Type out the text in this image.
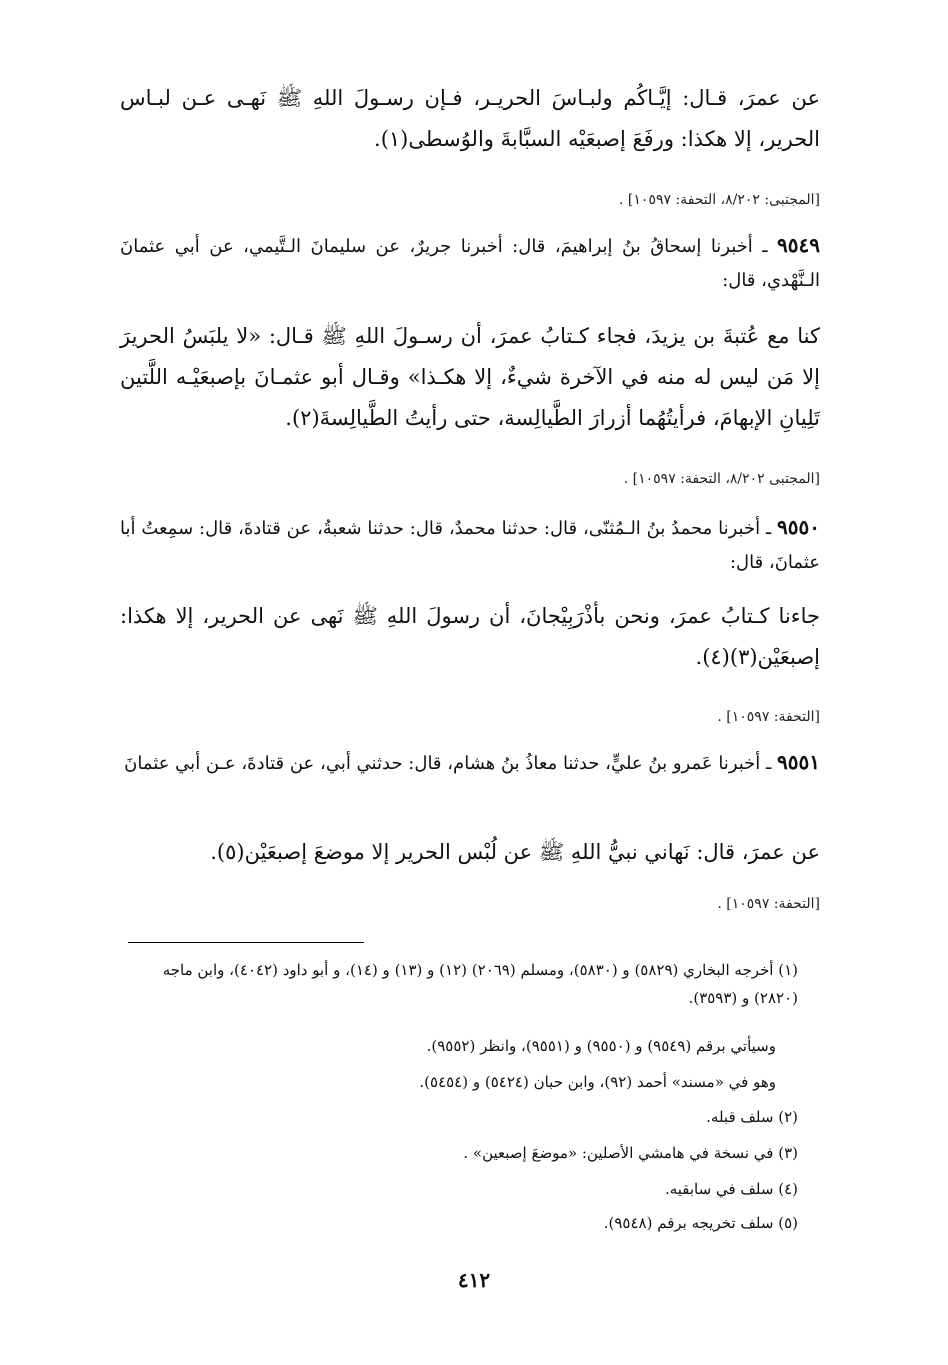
عن عمرَ، قـال: إيَّـاكُم ولبـاسَ الحريـر، فـإن رسـولَ اللهِ ﷺ نَهـى عـن لبـاس الحرير، إلا هكذا: ورفَعَ إصبعَيْه السبَّابةَ والوُسطى(١).
[المجتبى: ٨/٢٠٢، التحفة: ١٠٥٩٧] .
٩٥٤٩ ـ أخبرنا إسحاقُ بنُ إبراهيمَ، قال: أخبرنا جريرٌ، عن سليمانَ الـتَّيمي، عن أبي عثمانَ الـنَّهْدي، قال:
كنا مع عُتبةَ بن يزيدَ، فجاء كـتابُ عمرَ، أن رسـولَ اللهِ ﷺ قـال: «لا يلبَسُ الحريرَ إلا مَن ليس له منه في الآخرة شيءٌ، إلا هكـذا» وقـال أبو عثمـانَ بإصبعَيْـه اللَّتين تَلِيانِ الإبهامَ، فرأيتُهُما أزرارَ الطَّيالِسة، حتى رأيتُ الطَّيالِسةَ(٢).
[المجتبى ٨/٢٠٢، التحفة: ١٠٥٩٧] .
٩٥٥٠ ـ أخبرنا محمدُ بنُ الـمُثنّى، قال: حدثنا محمدٌ، قال: حدثنا شعبةُ، عن قتادةَ، قال: سمِعتُ أبا عثمانَ، قال:
جاءنا كـتابُ عمرَ، ونحن بأذْرَبِيْجانَ، أن رسولَ اللهِ ﷺ نَهى عن الحرير، إلا هكذا: إصبعَيْن(٣)(٤).
[التحفة: ١٠٥٩٧] .
٩٥٥١ ـ أخبرنا عَمرو بنُ عليٍّ، حدثنا معاذُ بنُ هشام، قال: حدثني أبي، عن قتادةَ، عـن أبي عثمانَ
عن عمرَ، قال: نَهاني نبيُّ اللهِ ﷺ عن لُبْس الحرير إلا موضعَ إصبعَيْن(٥).
[التحفة: ١٠٥٩٧] .
(١) أخرجه البخاري (٥٨٢٩) و (٥٨٣٠)، ومسلم (٢٠٦٩) (١٢) و (١٣) و (١٤)، و أبو داود (٤٠٤٢)، وابن ماجه (٢٨٢٠) و (٣٥٩٣).
وسيأتي برقم (٩٥٤٩) و (٩٥٥٠) و (٩٥٥١)، وانظر (٩٥٥٢).
وهو في «مسند» أحمد (٩٢)، وابن حبان (٥٤٢٤) و (٥٤٥٤).
(٢) سلف قبله.
(٣) في نسخة في هامشي الأصلين: «موضعَ إصبعين» .
(٤) سلف في سابقيه.
(٥) سلف تخريجه برقم (٩٥٤٨).
٤١٢
